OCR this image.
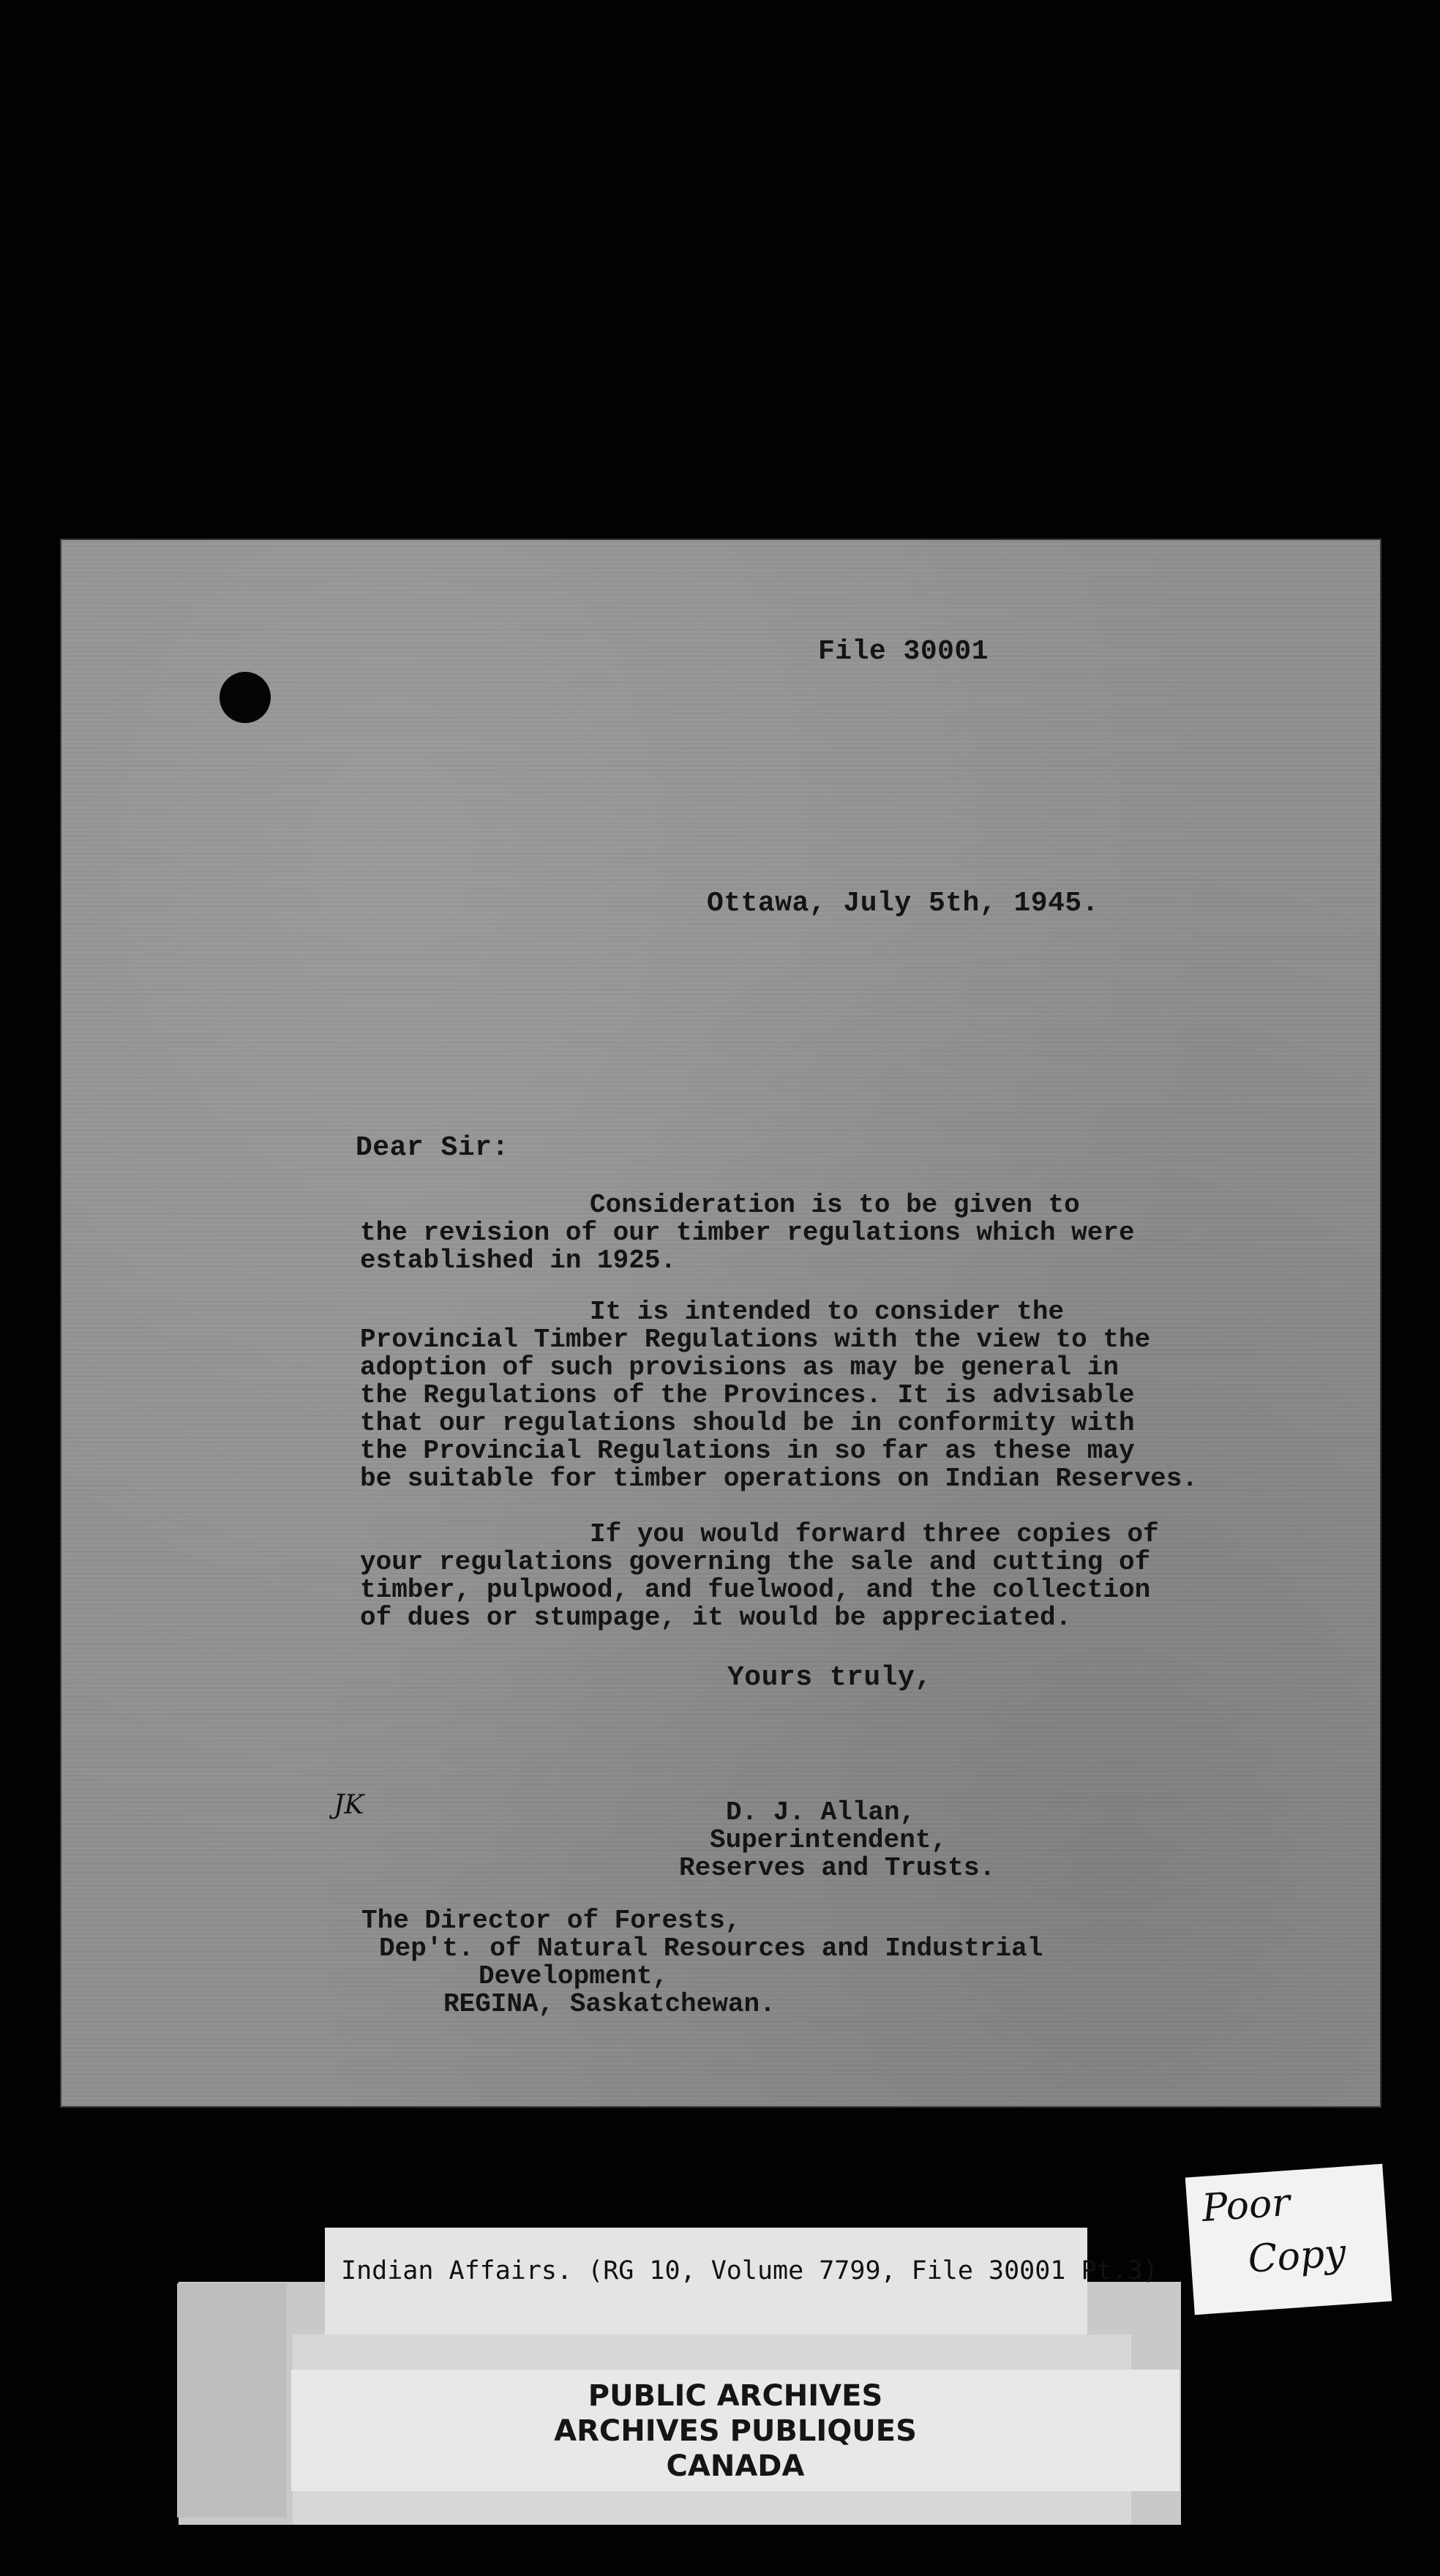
File 30001
Ottawa, July 5th, 1945.
Dear Sir:
Consideration is to be given to
the revision of our timber regulations which were
established in 1925.
It is intended to consider the
Provincial Timber Regulations with the view to the
adoption of such provisions as may be general in
the Regulations of the Provinces. It is advisable
that our regulations should be in conformity with
the Provincial Regulations in so far as these may
be suitable for timber operations on Indian Reserves.
If you would forward three copies of
your regulations governing the sale and cutting of
timber, pulpwood, and fuelwood, and the collection
of dues or stumpage, it would be appreciated.
Yours truly,
JK	D. J. Allan,
Superintendent,
Reserves and Trusts.
The Director of Forests,
Dep't. of Natural Resources and Industrial
Development,
REGINA, Saskatchewan.
Indian Affairs. (RG 10, Volume 7799, File 30001 Pt.3)
PUBLIC ARCHIVES
ARCHIVES PUBLIQUES
CANADA
Poor
Copy
